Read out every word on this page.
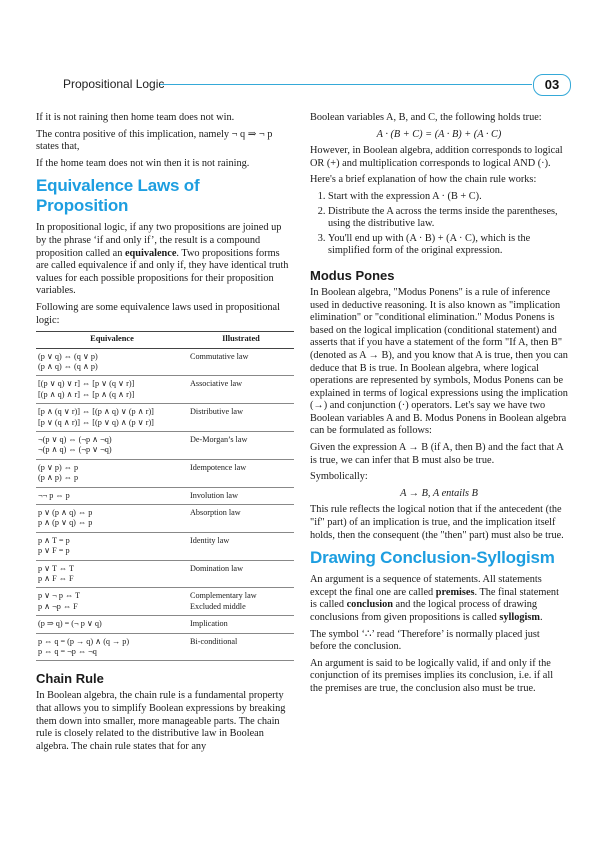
Propositional Logic	03

If it is not raining then home team does not win.

The contra positive of this implication, namely ¬ q ⇒ ¬ p states that,

If the home team does not win then it is not raining.

Equivalence Laws of Proposition

In propositional logic, if any two propositions are joined up by the phrase ‘if and only if’, the result is a compound proposition called an equivalence. Two propositions forms are called equivalence if and only if, they have identical truth values for each possible propositions for their proposition variables.

Following are some equivalence laws used in propositional logic:

Equivalence	Illustrated

(p ∨ q) ⇔ (q ∨ p)
(p ∧ q) ⇔ (q ∧ p)	Commutative law

[(p ∨ q) ∨ r] ⇔ [p ∨ (q ∨ r)]
[(p ∧ q) ∧ r] ⇔ [p ∧ (q ∧ r)]	Associative law

[p ∧ (q ∨ r)] ⇔ [(p ∧ q) ∨ (p ∧ r)]
[p ∨ (q ∧ r)] ⇔ [(p ∨ q) ∧ (p ∨ r)]	Distributive law

¬(p ∨ q) ⇔ (¬p ∧ ¬q)
¬(p ∧ q) ⇔ (¬p ∨ ¬q)	De-Morgan’s law

(p ∨ p) ⇔ p
(p ∧ p) ⇔ p	Idempotence law

¬¬ p ⇔ p	Involution law

p ∨ (p ∧ q) ⇔ p
p ∧ (p ∨ q) ⇔ p	Absorption law

p ∧ T = p
p ∨ F = p	Identity law

p ∨ T ⇔ T
p ∧ F ⇔ F	Domination law

p ∨ ¬ p ⇔ T
p ∧ ¬p ⇔ F	Complementary law
Excluded middle

(p ⇒ q) = (¬ p ∨ q)	Implication

p ⇔ q = (p → q) ∧ (q → p)
p ⇔ q = ¬p ⇔ ¬q	Bi-conditional
Chain Rule

In Boolean algebra, the chain rule is a fundamental property that allows you to simplify Boolean expressions by breaking them down into smaller, more manageable parts. The chain rule is closely related to the distributive law in Boolean algebra. The chain rule states that for any

Boolean variables A, B, and C, the following holds true:

A · (B + C) = (A · B) + (A · C)

However, in Boolean algebra, addition corresponds to logical OR (+) and multiplication corresponds to logical AND (·).

Here's a brief explanation of how the chain rule works:

1. Start with the expression A · (B + C).
2. Distribute the A across the terms inside the parentheses, using the distributive law.
3. You'll end up with (A · B) + (A · C), which is the simplified form of the original expression.
Modus Pones

In Boolean algebra, "Modus Ponens" is a rule of inference used in deductive reasoning. It is also known as "implication elimination" or "conditional elimination." Modus Ponens is based on the logical implication (conditional statement) and asserts that if you have a statement of the form "If A, then B" (denoted as A → B), and you know that A is true, then you can deduce that B is true. In Boolean algebra, where logical operations are represented by symbols, Modus Ponens can be explained in terms of logical expressions using the implication (→) and conjunction (·) operators. Let's say we have two Boolean variables A and B. Modus Ponens in Boolean algebra can be formulated as follows:

Given the expression A → B (if A, then B) and the fact that A is true, we can infer that B must also be true.

Symbolically:

A → B, A entails B

This rule reflects the logical notion that if the antecedent (the "if" part) of an implication is true, and the implication itself holds, then the consequent (the "then" part) must also be true.

Drawing Conclusion-Syllogism

An argument is a sequence of statements. All statements except the final one are called premises. The final statement is called conclusion and the logical process of drawing conclusions from given propositions is called syllogism.

The symbol ‘∴’ read ‘Therefore’ is normally placed just before the conclusion.

An argument is said to be logically valid, if and only if the conjunction of its premises implies its conclusion, i.e. if all the premises are true, the conclusion also must be true.
